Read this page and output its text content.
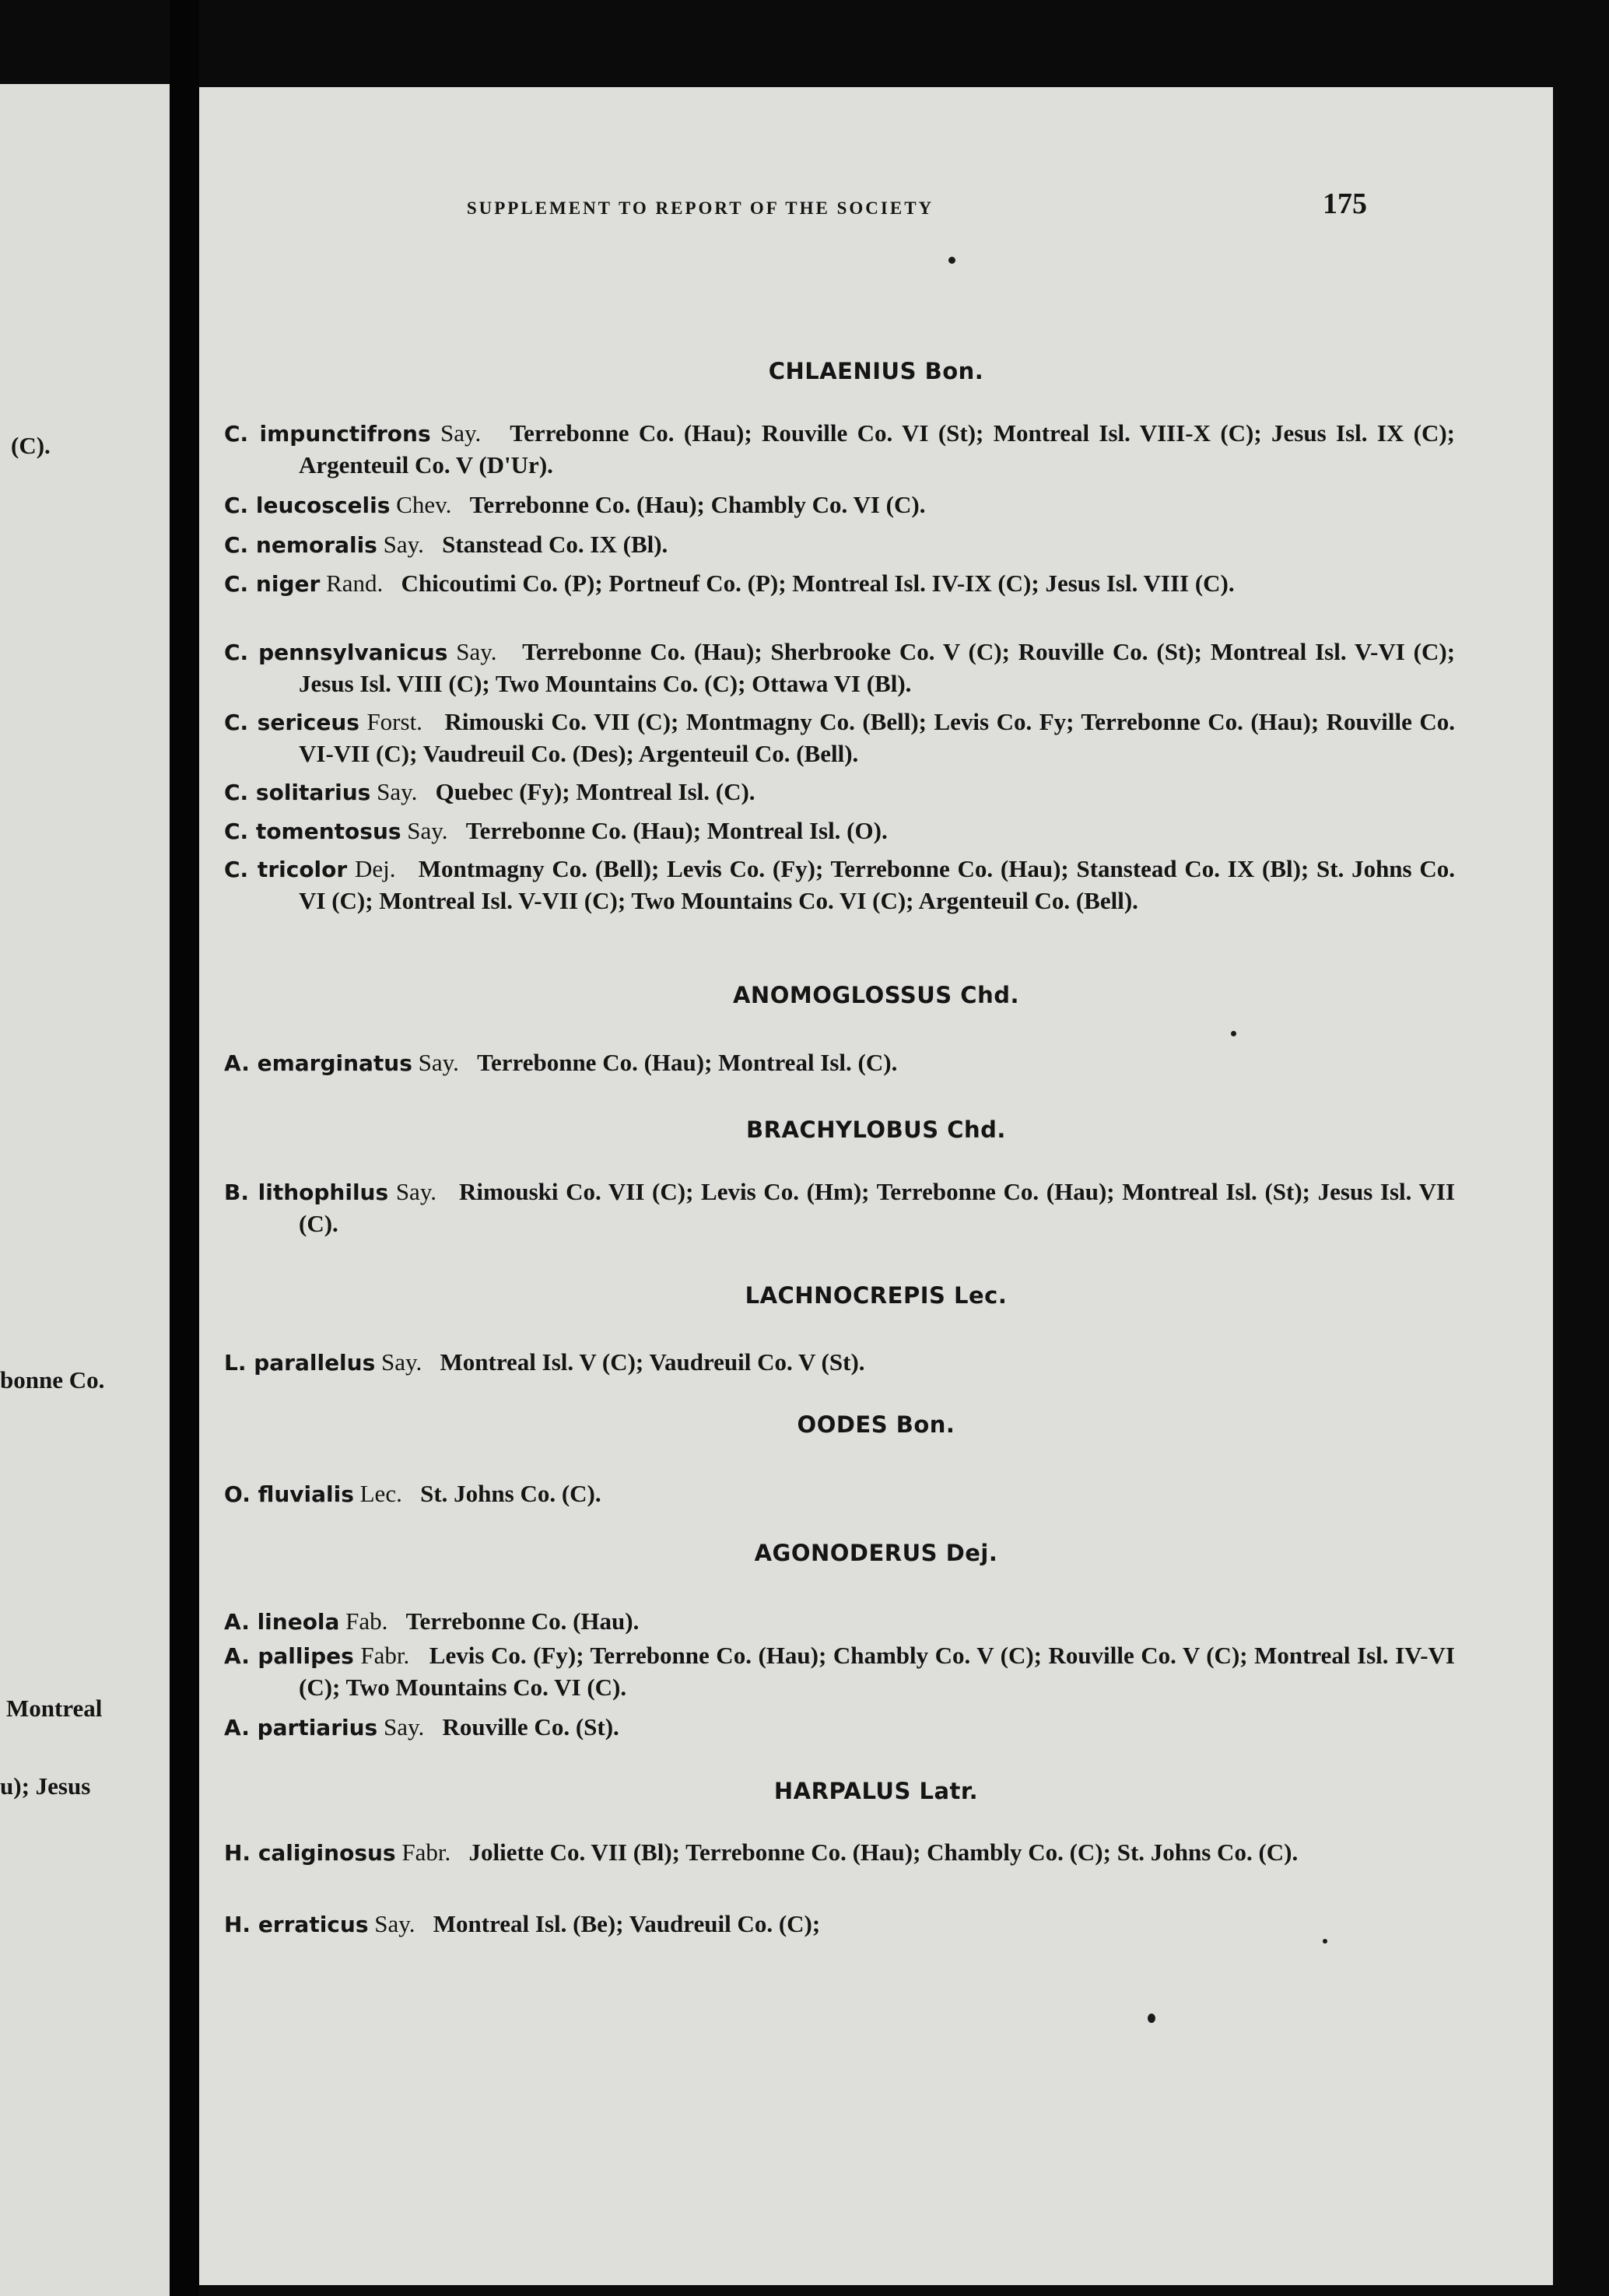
(C).
bonne Co.
Montreal
u); Jesus
SUPPLEMENT TO REPORT OF THE SOCIETY	175
CHLAENIUS Bon.
C. impunctifrons Say. Terrebonne Co. (Hau); Rouville Co. VI (St); Montreal Isl. VIII-X (C); Jesus Isl. IX (C); Argenteuil Co. V (D'Ur).
C. leucoscelis Chev. Terrebonne Co. (Hau); Chambly Co. VI (C).
C. nemoralis Say. Stanstead Co. IX (Bl).
C. niger Rand. Chicoutimi Co. (P); Portneuf Co. (P); Montreal Isl. IV-IX (C); Jesus Isl. VIII (C).
C. pennsylvanicus Say. Terrebonne Co. (Hau); Sherbrooke Co. V (C); Rouville Co. (St); Montreal Isl. V-VI (C); Jesus Isl. VIII (C); Two Mountains Co. (C); Ottawa VI (Bl).
C. sericeus Forst. Rimouski Co. VII (C); Montmagny Co. (Bell); Levis Co. Fy; Terrebonne Co. (Hau); Rouville Co. VI-VII (C); Vaudreuil Co. (Des); Argenteuil Co. (Bell).
C. solitarius Say. Quebec (Fy); Montreal Isl. (C).
C. tomentosus Say. Terrebonne Co. (Hau); Montreal Isl. (O).
C. tricolor Dej. Montmagny Co. (Bell); Levis Co. (Fy); Terrebonne Co. (Hau); Stanstead Co. IX (Bl); St. Johns Co. VI (C); Montreal Isl. V-VII (C); Two Mountains Co. VI (C); Argenteuil Co. (Bell).
ANOMOGLOSSUS Chd.
A. emarginatus Say. Terrebonne Co. (Hau); Montreal Isl. (C).
BRACHYLOBUS Chd.
B. lithophilus Say. Rimouski Co. VII (C); Levis Co. (Hm); Terrebonne Co. (Hau); Montreal Isl. (St); Jesus Isl. VII (C).
LACHNOCREPIS Lec.
L. parallelus Say. Montreal Isl. V (C); Vaudreuil Co. V (St).
OODES Bon.
O. fluvialis Lec. St. Johns Co. (C).
AGONODERUS Dej.
A. lineola Fab. Terrebonne Co. (Hau).
A. pallipes Fabr. Levis Co. (Fy); Terrebonne Co. (Hau); Chambly Co. V (C); Rouville Co. V (C); Montreal Isl. IV-VI (C); Two Mountains Co. VI (C).
A. partiarius Say. Rouville Co. (St).
HARPALUS Latr.
H. caliginosus Fabr. Joliette Co. VII (Bl); Terrebonne Co. (Hau); Chambly Co. (C); St. Johns Co. (C).
H. erraticus Say. Montreal Isl. (Be); Vaudreuil Co. (C);
